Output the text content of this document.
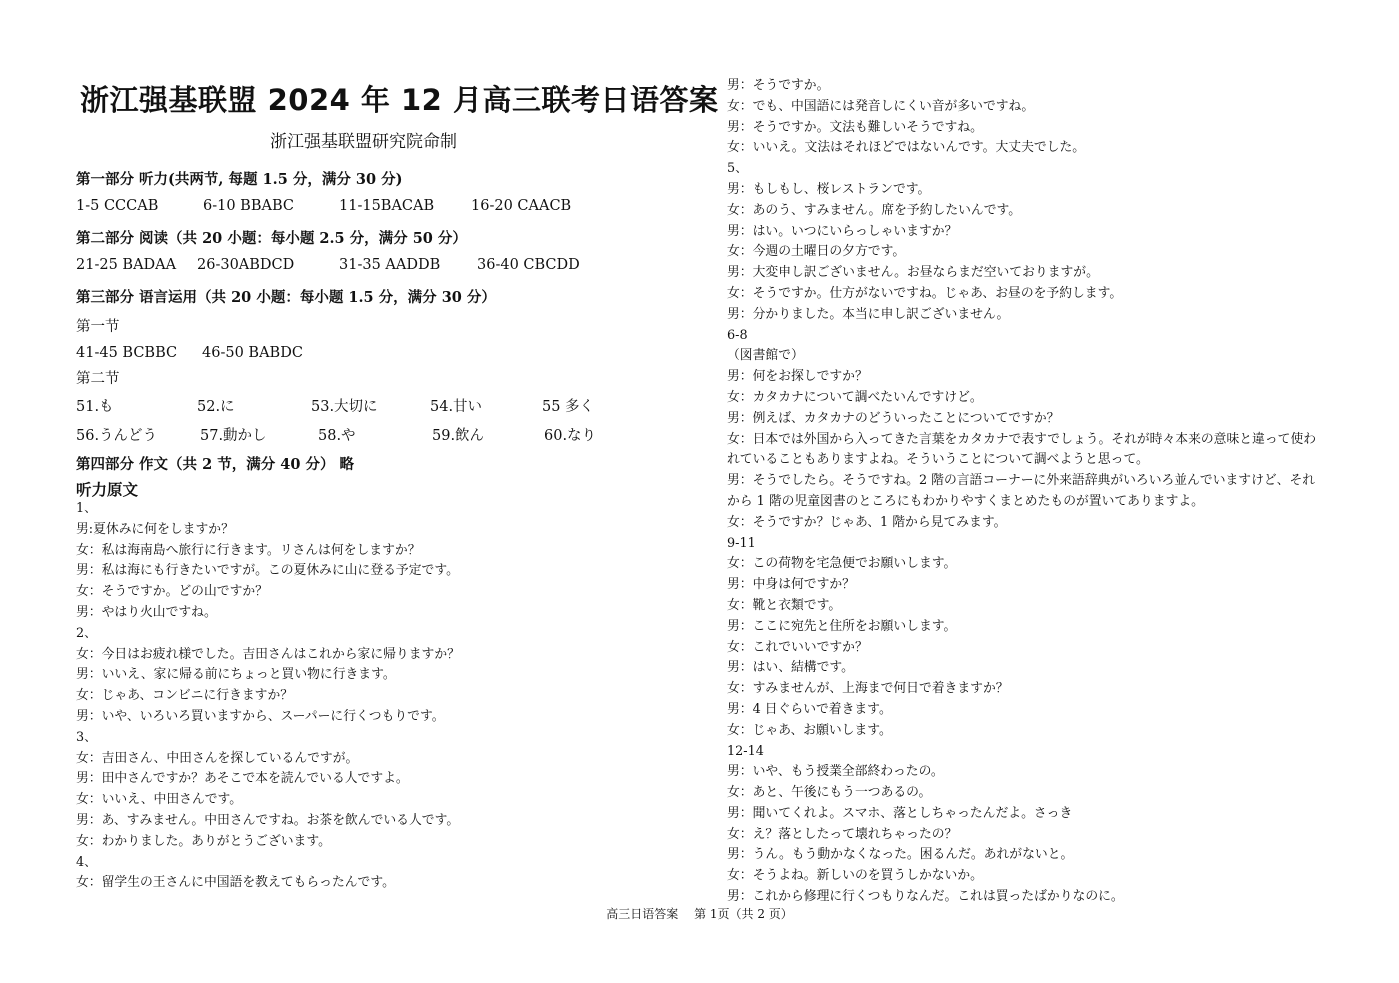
浙江强基联盟 2024 年 12 月高三联考日语答案
浙江强基联盟研究院命制
第一部分 听力(共两节, 每题 1.5 分，满分 30 分)
1-5 CCCAB	6-10 BBABC	11-15BACAB	16-20 CAACB
第二部分 阅读（共 20 小题：每小题 2.5 分，满分 50 分）
21-25 BADAA 26-30ABDCD	31-35 AADDB	36-40 CBCDD
第三部分 语言运用（共 20 小题：每小题 1.5 分，满分 30 分）
第一节
41-45 BCBBC 46-50 BABDC
第二节
51.も	52.に	53.大切に	54.甘い	55 多く
56.うんどう	57.動かし	58.や	59.飲ん	60.なり
第四部分 作文（共 2 节，满分 40 分） 略
听力原文
1、
男:夏休みに何をしますか？
女：私は海南島へ旅行に行きます。リさんは何をしますか？
男：私は海にも行きたいですが。この夏休みに山に登る予定です。
女：そうですか。どの山ですか？
男：やはり火山ですね。
2、
女：今日はお疲れ様でした。吉田さんはこれから家に帰りますか？
男：いいえ、家に帰る前にちょっと買い物に行きます。
女：じゃあ、コンビニに行きますか？
男：いや、いろいろ買いますから、スーパーに行くつもりです。
3、
女：吉田さん、中田さんを探しているんですが。
男：田中さんですか？あそこで本を読んでいる人ですよ。
女：いいえ、中田さんです。
男：あ、すみません。中田さんですね。お茶を飲んでいる人です。
女：わかりました。ありがとうございます。
4、
女：留学生の王さんに中国語を教えてもらったんです。
男：そうですか。
女：でも、中国語には発音しにくい音が多いですね。
男：そうですか。文法も難しいそうですね。
女：いいえ。文法はそれほどではないんです。大丈夫でした。
5、
男：もしもし、桜レストランです。
女：あのう、すみません。席を予約したいんです。
男：はい。いつにいらっしゃいますか？
女：今週の土曜日の夕方です。
男：大変申し訳ございません。お昼ならまだ空いておりますが。
女：そうですか。仕方がないですね。じゃあ、お昼のを予約します。
男：分かりました。本当に申し訳ございません。
6-8
（図書館で）
男：何をお探しですか？
女：カタカナについて調べたいんですけど。
男：例えば、カタカナのどういったことについてですか？
女：日本では外国から入ってきた言葉をカタカナで表すでしょう。それが時々本来の意味と違って使われていることもありますよね。そういうことについて調べようと思って。
男：そうでしたら。そうですね。2 階の言語コーナーに外来語辞典がいろいろ並んでいますけど、それから 1 階の児童図書のところにもわかりやすくまとめたものが置いてありますよ。
女：そうですか？じゃあ、1 階から見てみます。
9-11
女：この荷物を宅急便でお願いします。
男：中身は何ですか？
女：靴と衣類です。
男：ここに宛先と住所をお願いします。
女：これでいいですか？
男：はい、結構です。
女：すみませんが、上海まで何日で着きますか？
男：4 日ぐらいで着きます。
女：じゃあ、お願いします。
12-14
男：いや、もう授業全部終わったの。
女：あと、午後にもう一つあるの。
男：聞いてくれよ。スマホ、落としちゃったんだよ。さっき
女：え？落としたって壊れちゃったの？
男：うん。もう動かなくなった。困るんだ。あれがないと。
女：そうよね。新しいのを買うしかないか。
男：これから修理に行くつもりなんだ。これは買ったばかりなのに。
高三日语答案 第 1页（共 2 页）
